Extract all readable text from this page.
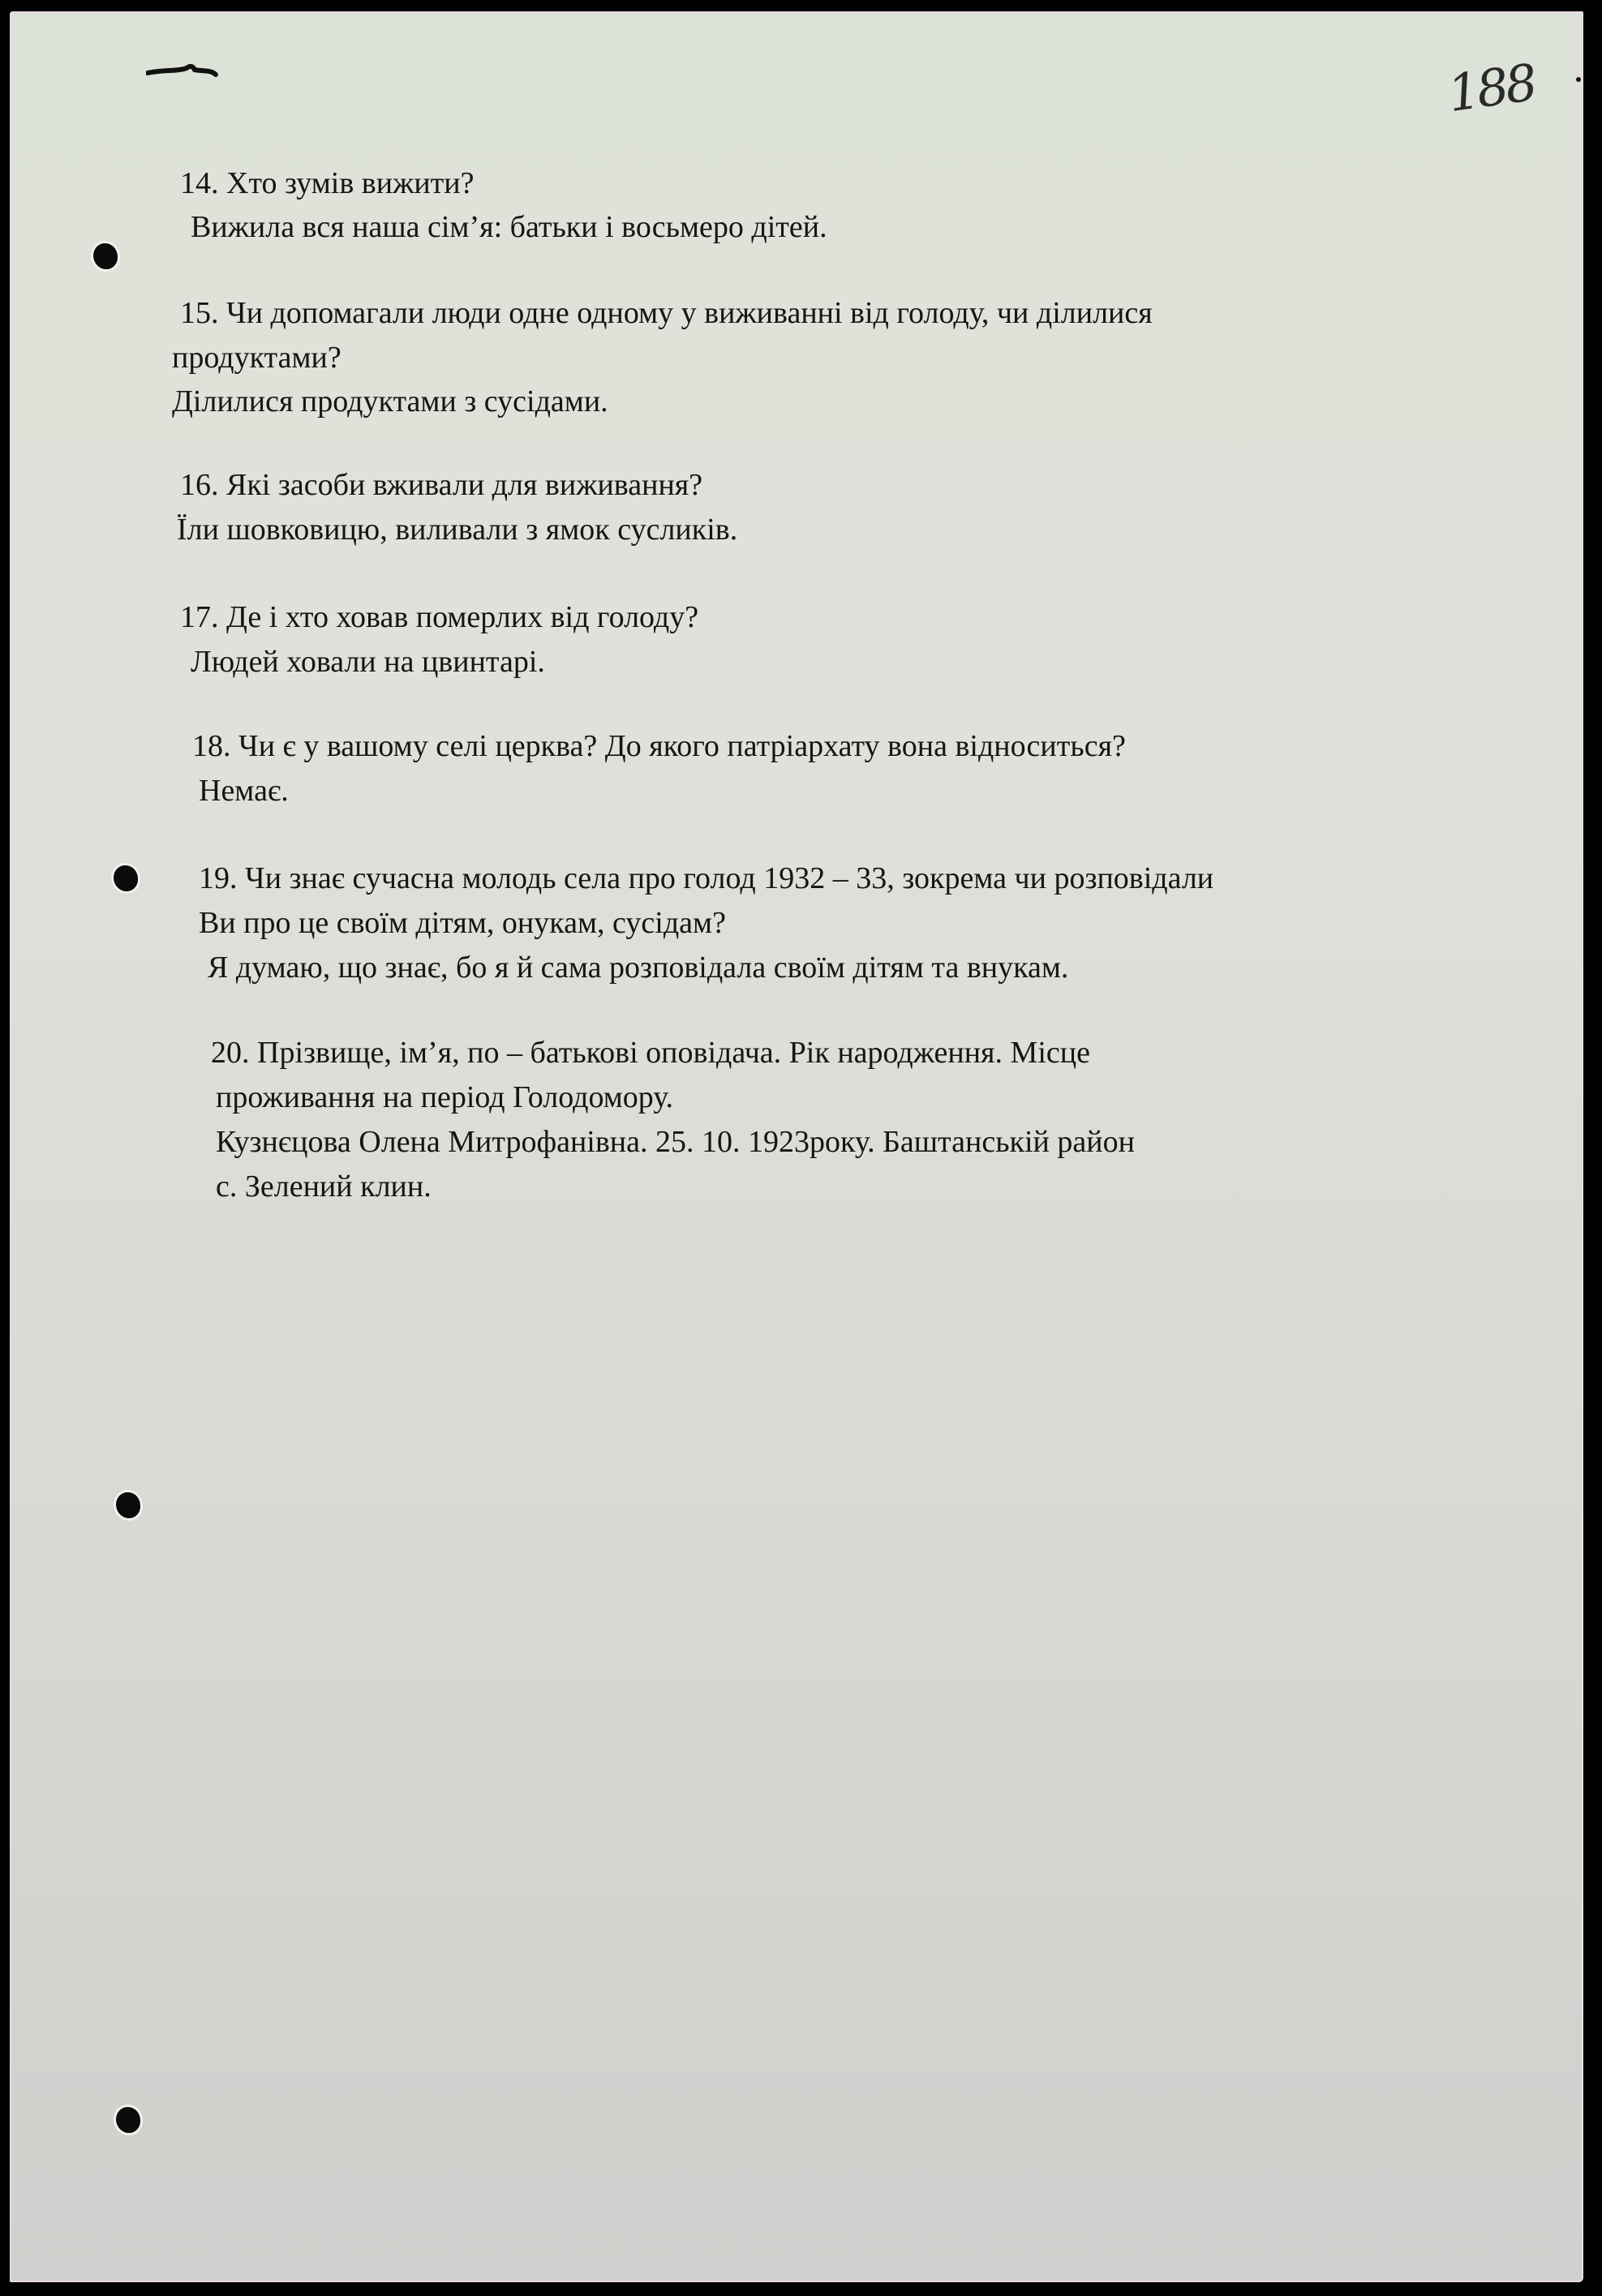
188
14. Хто зумів вижити?
Вижила вся наша сім’я: батьки і восьмеро дітей.
15. Чи допомагали люди одне одному у виживанні від голоду, чи ділилися
продуктами?
Ділилися продуктами з сусідами.
16. Які засоби вживали для виживання?
Їли шовковицю, виливали з ямок сусликів.
17. Де і хто ховав померлих від голоду?
Людей ховали на цвинтарі.
18. Чи є у вашому селі церква? До якого патріархату вона відноситься?
Немає.
19. Чи знає сучасна молодь села про голод 1932 – 33, зокрема чи розповідали
Ви про це своїм дітям, онукам, сусідам?
Я думаю, що знає, бо я й сама розповідала своїм дітям та внукам.
20. Прізвище, ім’я, по – батькові оповідача. Рік народження. Місце
проживання на період Голодомору.
Кузнєцова Олена Митрофанівна. 25. 10. 1923року. Баштанській район
с. Зелений клин.
